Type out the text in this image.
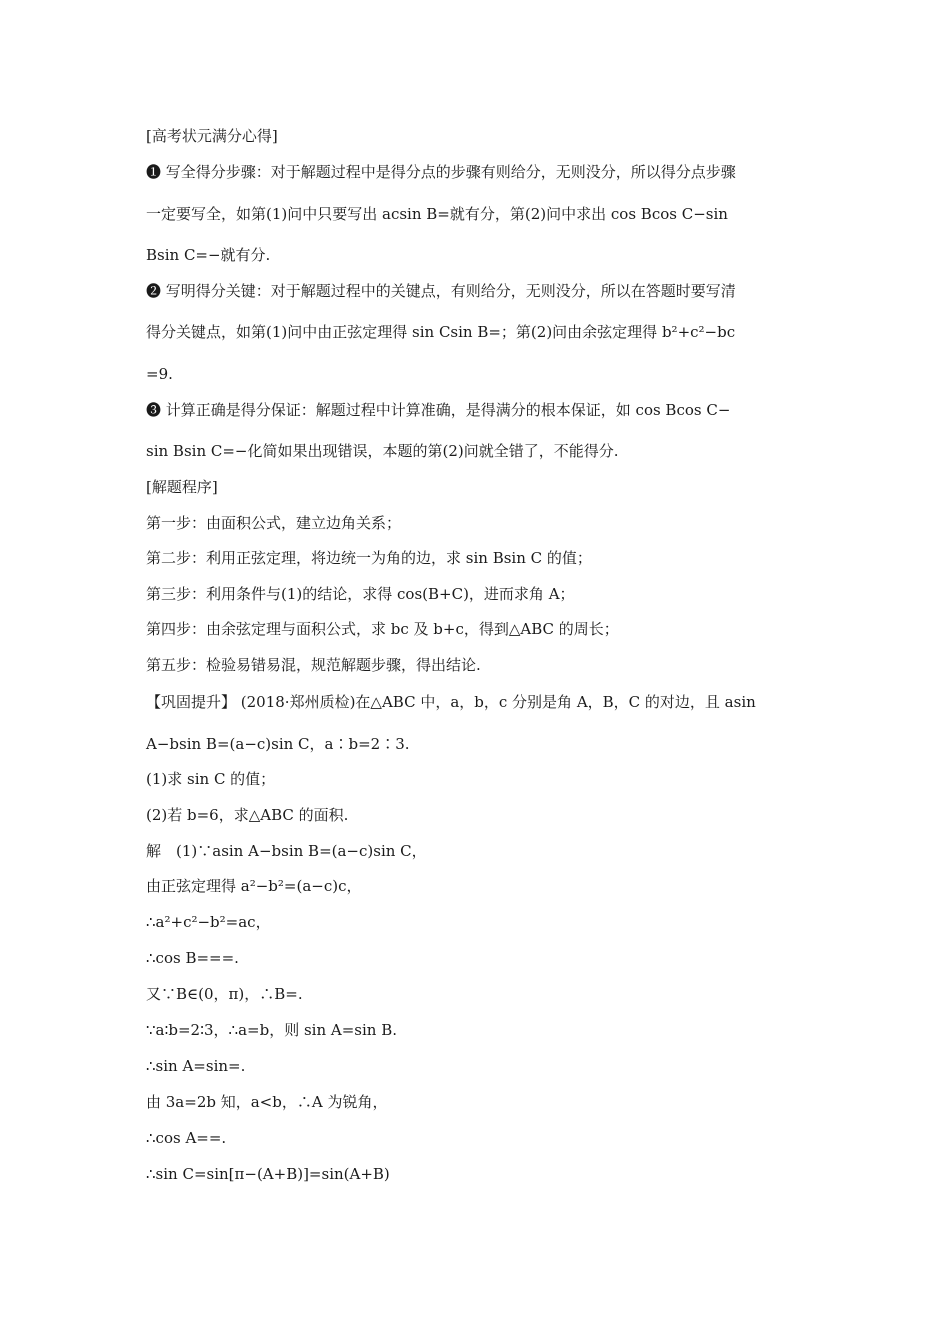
[高考状元满分心得]
❶ 写全得分步骤：对于解题过程中是得分点的步骤有则给分，无则没分，所以得分点步骤
一定要写全，如第(1)问中只要写出 acsin B=就有分，第(2)问中求出 cos Bcos C−sin
Bsin C=−就有分.
❷ 写明得分关键：对于解题过程中的关键点，有则给分，无则没分，所以在答题时要写清
得分关键点，如第(1)问中由正弦定理得 sin Csin B=；第(2)问由余弦定理得 b²+c²−bc
=9.
❸ 计算正确是得分保证：解题过程中计算准确，是得满分的根本保证，如 cos Bcos C−
sin Bsin C=−化简如果出现错误，本题的第(2)问就全错了，不能得分.
[解题程序]
第一步：由面积公式，建立边角关系；
第二步：利用正弦定理，将边统一为角的边，求 sin Bsin C 的值；
第三步：利用条件与(1)的结论，求得 cos(B+C)，进而求角 A；
第四步：由余弦定理与面积公式，求 bc 及 b+c，得到△ABC 的周长；
第五步：检验易错易混，规范解题步骤，得出结论.
【巩固提升】 (2018·郑州质检)在△ABC 中，a，b，c 分别是角 A，B，C 的对边，且 asin
A−bsin B=(a−c)sin C，a∶b=2∶3.
(1)求 sin C 的值；
(2)若 b=6，求△ABC 的面积.
解　(1)∵asin A−bsin B=(a−c)sin C，
由正弦定理得 a²−b²=(a−c)c，
∴a²+c²−b²=ac，
∴cos B===.
又∵B∈(0，π)，∴B=.
∵a∶b=2∶3，∴a=b，则 sin A=sin B.
∴sin A=sin=.
由 3a=2b 知，a<b，∴A 为锐角，
∴cos A==.
∴sin C=sin[π−(A+B)]=sin(A+B)
